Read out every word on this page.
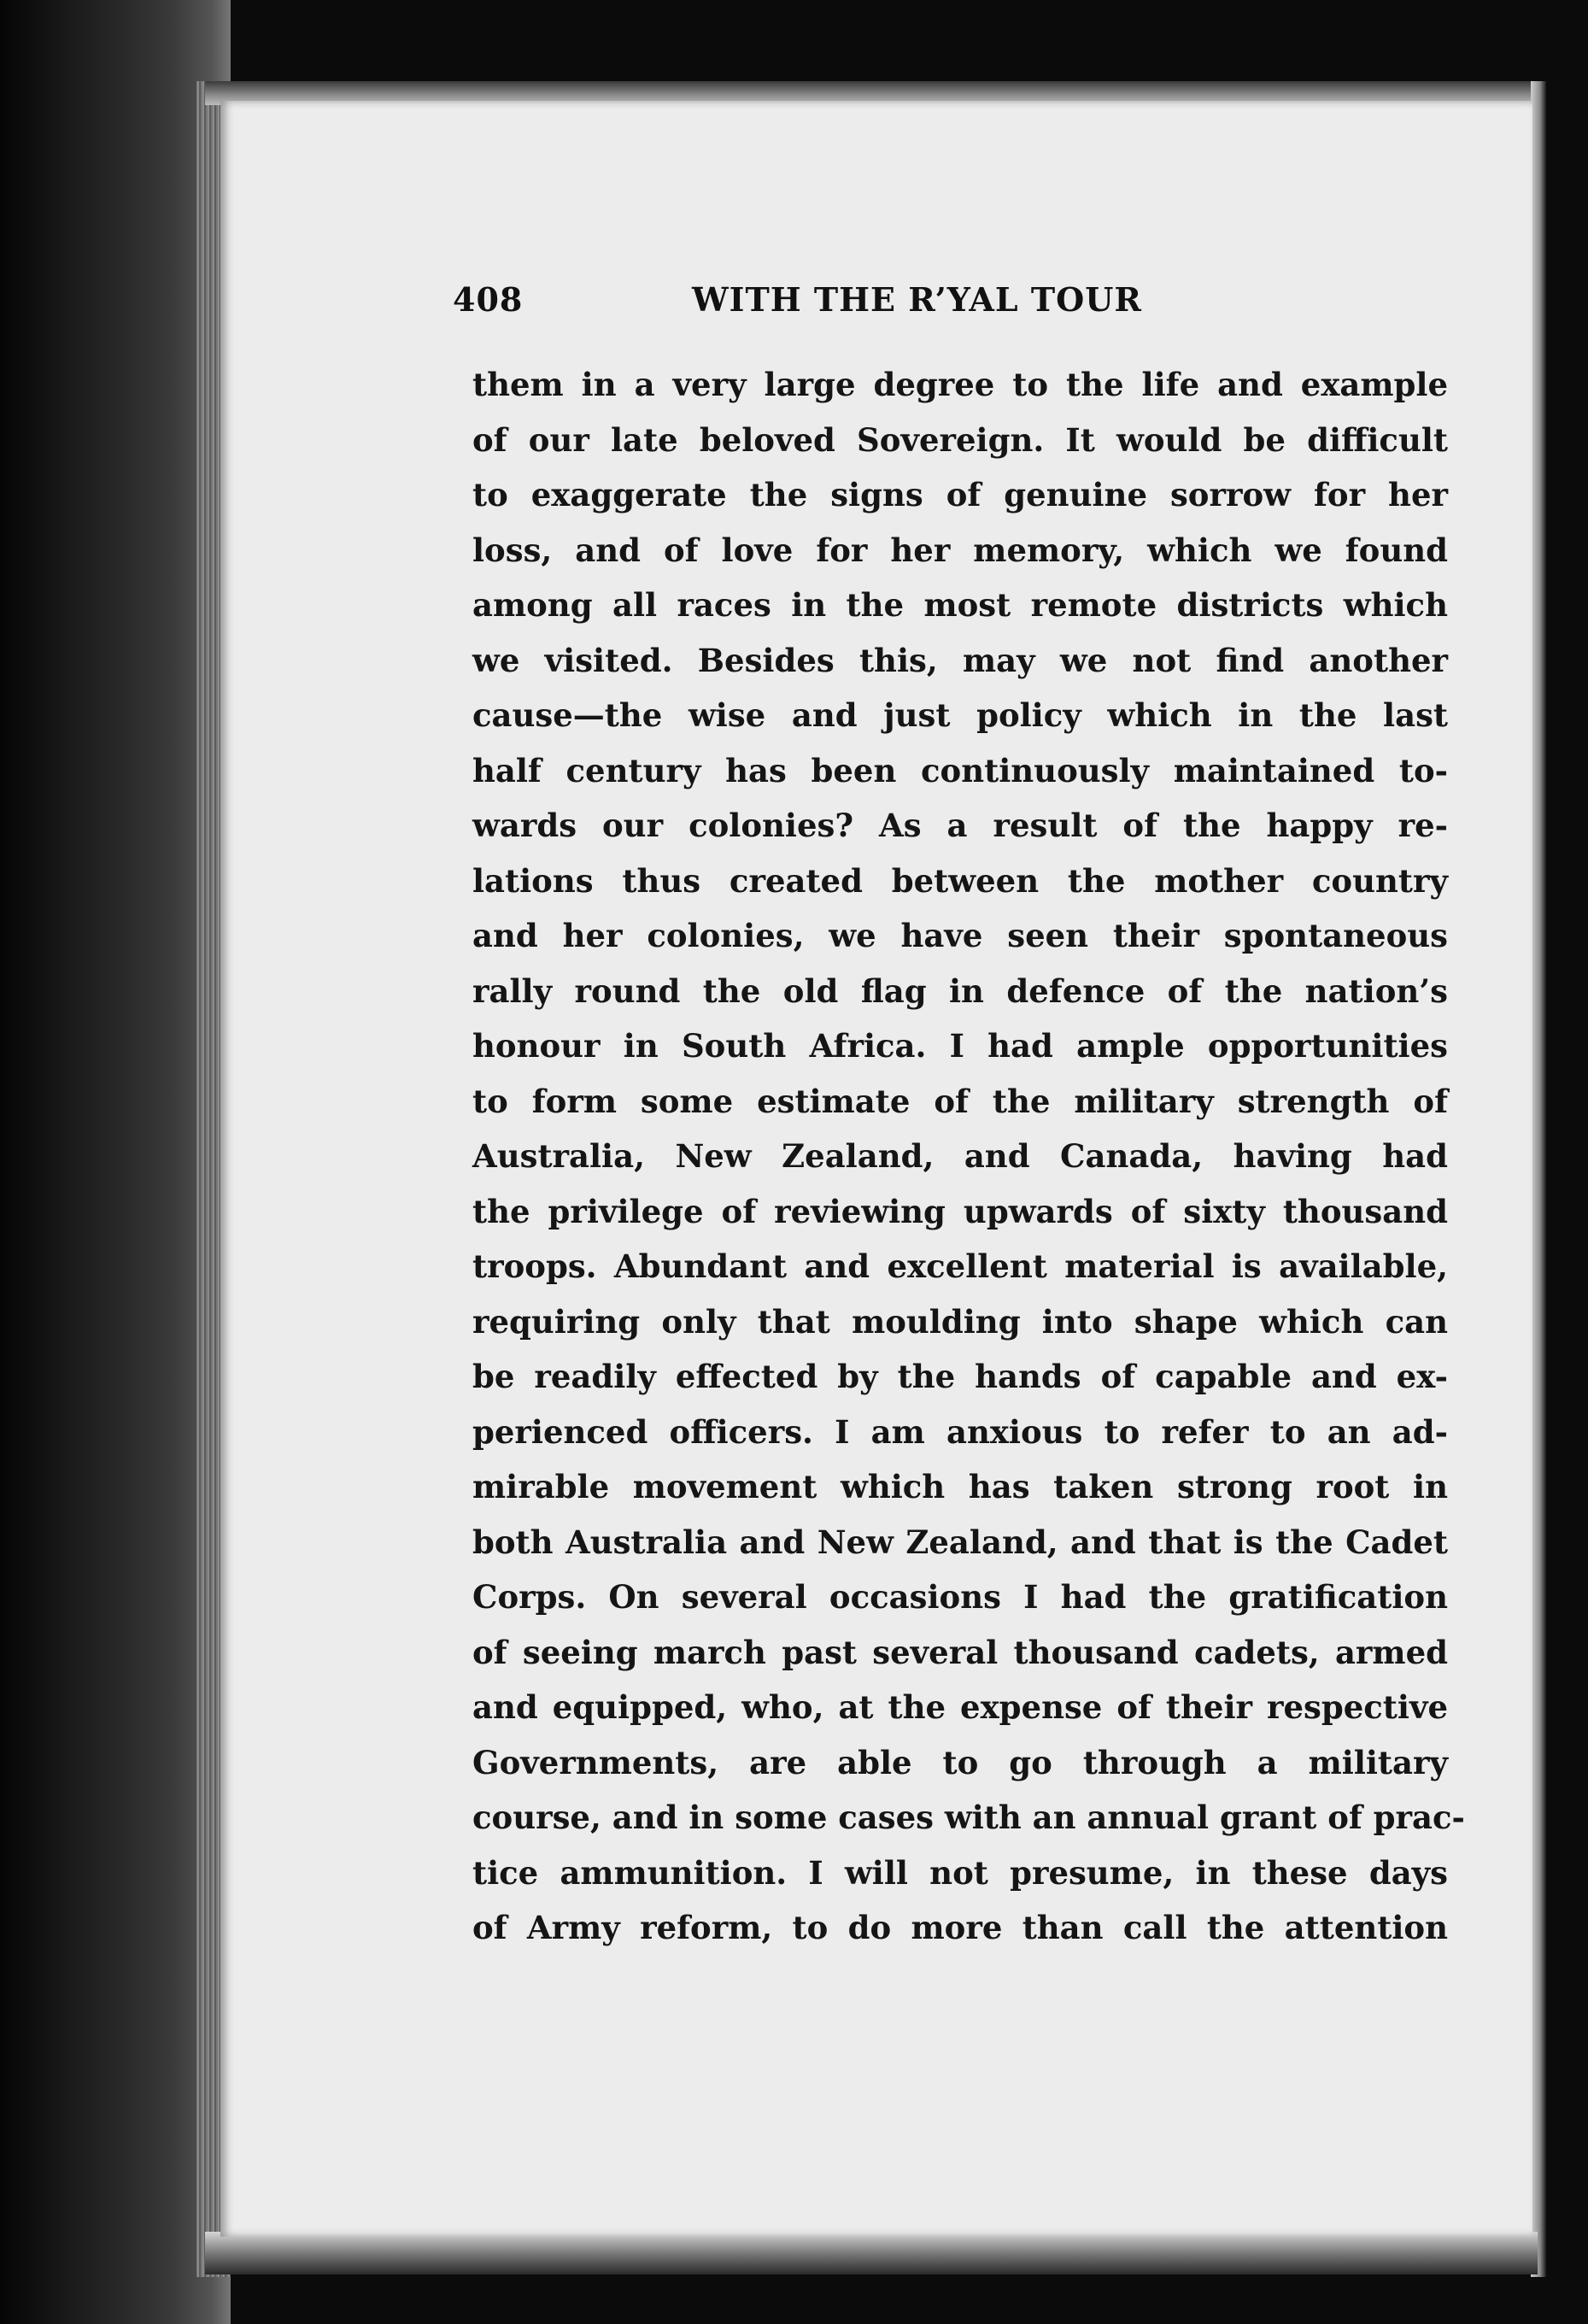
408	WITH THE R’YAL TOUR
them in a very large degree to the life and example
of our late beloved Sovereign. It would be difficult
to exaggerate the signs of genuine sorrow for her
loss, and of love for her memory, which we found
among all races in the most remote districts which
we visited. Besides this, may we not find another
cause—the wise and just policy which in the last
half century has been continuously maintained to-
wards our colonies? As a result of the happy re-
lations thus created between the mother country
and her colonies, we have seen their spontaneous
rally round the old flag in defence of the nation’s
honour in South Africa. I had ample opportunities
to form some estimate of the military strength of
Australia, New Zealand, and Canada, having had
the privilege of reviewing upwards of sixty thousand
troops. Abundant and excellent material is available,
requiring only that moulding into shape which can
be readily effected by the hands of capable and ex-
perienced officers. I am anxious to refer to an ad-
mirable movement which has taken strong root in
both Australia and New Zealand, and that is the Cadet
Corps. On several occasions I had the gratification
of seeing march past several thousand cadets, armed
and equipped, who, at the expense of their respective
Governments, are able to go through a military
course, and in some cases with an annual grant of prac-
tice ammunition. I will not presume, in these days
of Army reform, to do more than call the attention
